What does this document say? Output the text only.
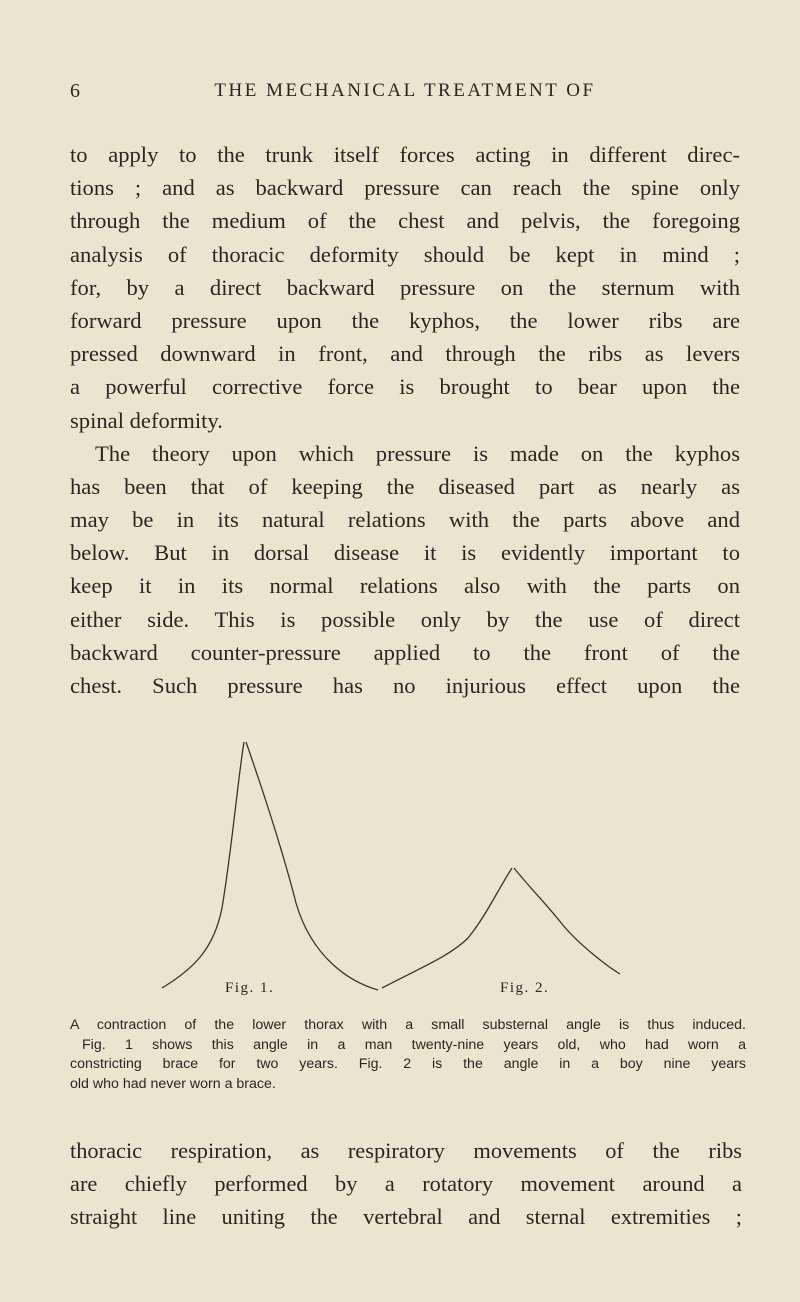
6	THE MECHANICAL TREATMENT OF
to apply to the trunk itself forces acting in different direc-
tions ; and as backward pressure can reach the spine only
through the medium of the chest and pelvis, the foregoing
analysis of thoracic deformity should be kept in mind ;
for, by a direct backward pressure on the sternum with
forward pressure upon the kyphos, the lower ribs are
pressed downward in front, and through the ribs as levers
a powerful corrective force is brought to bear upon the
spinal deformity.
The theory upon which pressure is made on the kyphos
has been that of keeping the diseased part as nearly as
may be in its natural relations with the parts above and
below. But in dorsal disease it is evidently important to
keep it in its normal relations also with the parts on
either side. This is possible only by the use of direct
backward counter-pressure applied to the front of the
chest. Such pressure has no injurious effect upon the
Fig. 1.	Fig. 2.
A contraction of the lower thorax with a small substernal angle is thus induced.
Fig. 1 shows this angle in a man twenty-nine years old, who had worn a
constricting brace for two years. Fig. 2 is the angle in a boy nine years
old who had never worn a brace.
thoracic respiration, as respiratory movements of the ribs
are chiefly performed by a rotatory movement around a
straight line uniting the vertebral and sternal extremities ;
